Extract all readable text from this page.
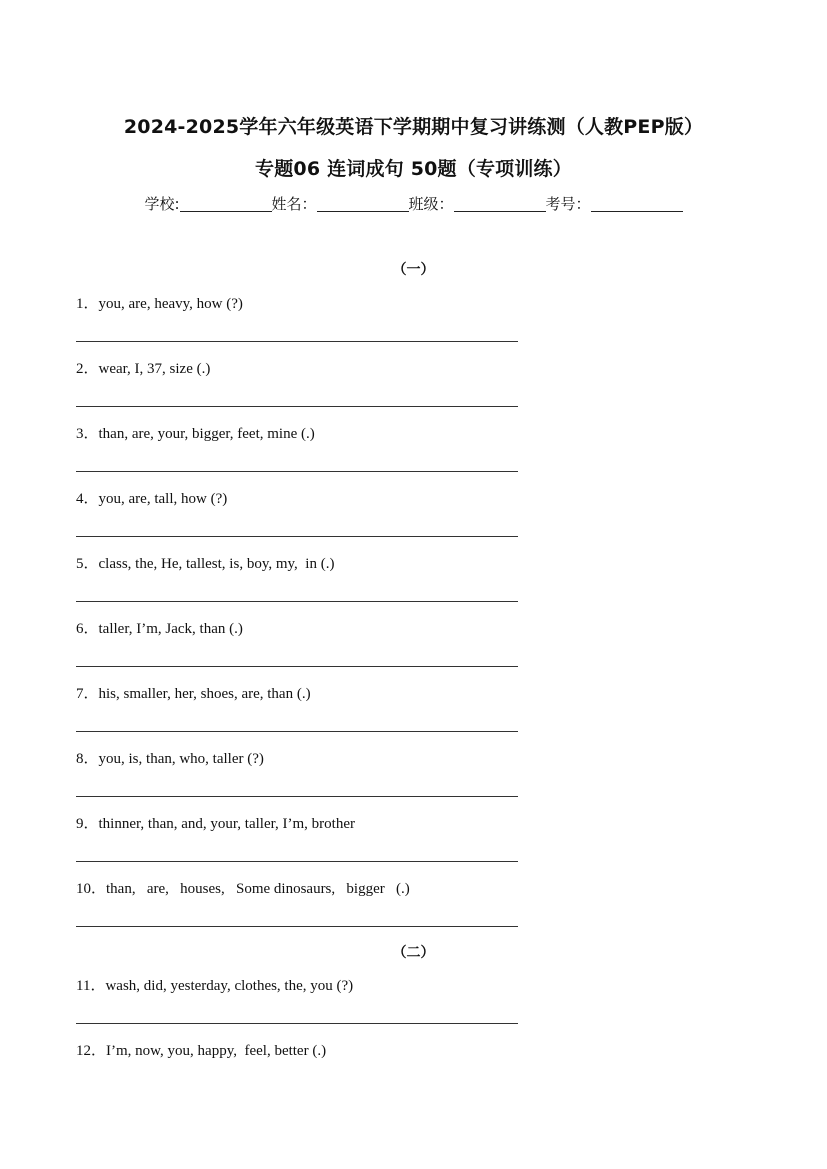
2024-2025学年六年级英语下学期期中复习讲练测（人教PEP版）
专题06 连词成句 50题（专项训练）
学校:	姓名：	班级：	考号：
（一）
1．you, are, heavy, how (?)
2．wear, I, 37, size (.)
3．than, are, your, bigger, feet, mine (.)
4．you, are, tall, how (?)
5．class, the, He, tallest, is, boy, my,  in (.)
6．taller, I’m, Jack, than (.)
7．his, smaller, her, shoes, are, than (.)
8．you, is, than, who, taller (?)
9．thinner, than, and, your, taller, I’m, brother
10．than,   are,   houses,   Some dinosaurs,   bigger   (.)
（二）
11．wash, did, yesterday, clothes, the, you (?)
12．I’m, now, you, happy,  feel, better (.)
